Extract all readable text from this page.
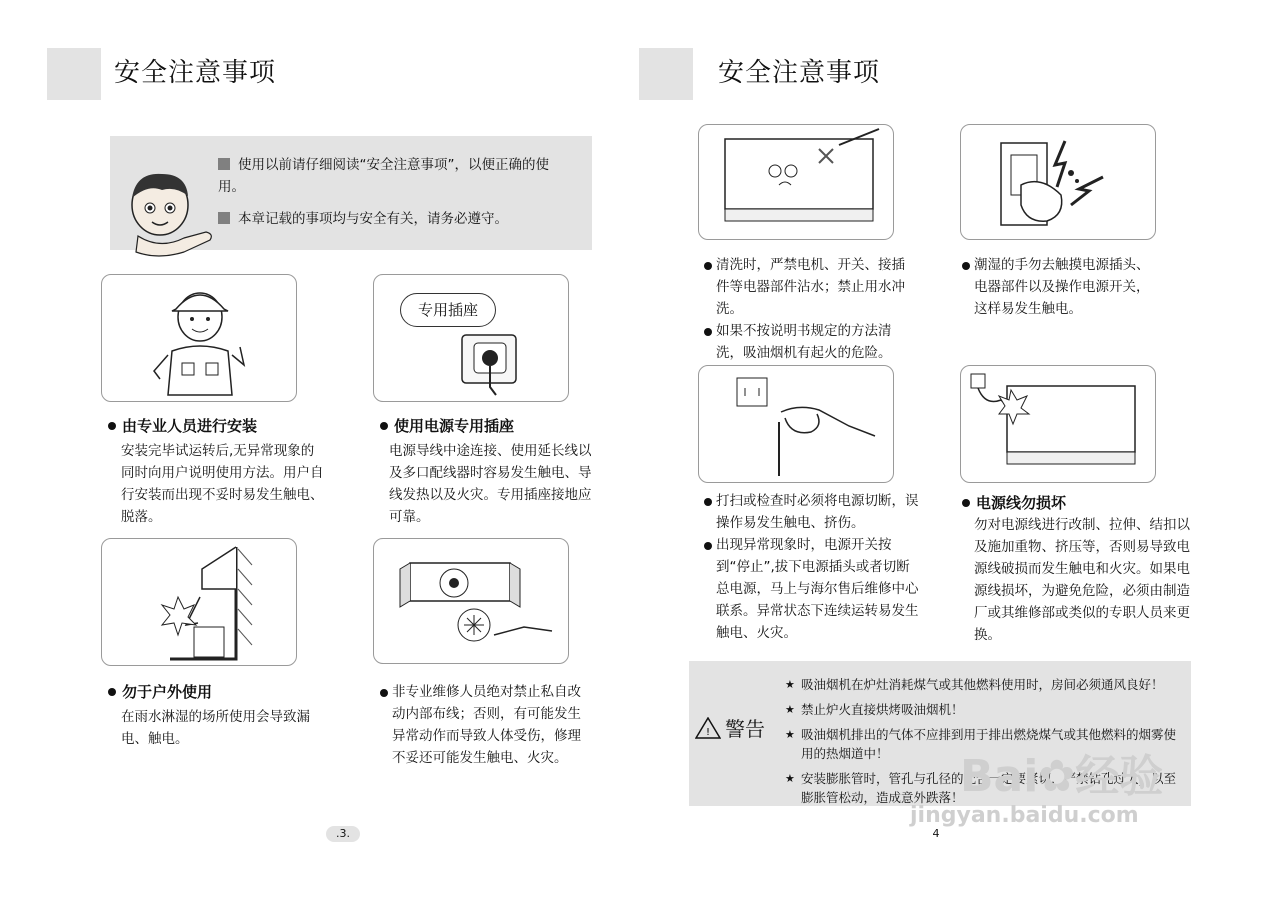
安全注意事项
使用以前请仔细阅读“安全注意事项”，以便正确的使用。
本章记载的事项均与安全有关，请务必遵守。
由专业人员进行安装
安装完毕试运转后,无异常现象的同时向用户说明使用方法。用户自行安装而出现不妥时易发生触电、脱落。
专用插座
使用电源专用插座
电源导线中途连接、使用延长线以及多口配线器时容易发生触电、导线发热以及火灾。专用插座接地应可靠。
勿于户外使用
在雨水淋湿的场所使用会导致漏电、触电。
非专业维修人员绝对禁止私自改动内部布线；否则，有可能发生异常动作而导致人体受伤，修理不妥还可能发生触电、火灾。
.3.
安全注意事项
清洗时，严禁电机、开关、接插件等电器部件沾水；禁止用水冲洗。
如果不按说明书规定的方法清洗，吸油烟机有起火的危险。
潮湿的手勿去触摸电源插头、电器部件以及操作电源开关，这样易发生触电。
打扫或检查时必须将电源切断，误操作易发生触电、挤伤。
出现异常现象时，电源开关按到“停止”,拔下电源插头或者切断总电源，马上与海尔售后维修中心联系。异常状态下连续运转易发生触电、火灾。
电源线勿损坏
勿对电源线进行改制、拉伸、结扣以及施加重物、挤压等，否则易导致电源线破损而发生触电和火灾。如果电源线损坏，为避免危险，必须由制造厂或其维修部或类似的专职人员来更换。
! 警告
★ 吸油烟机在炉灶消耗煤气或其他燃料使用时，房间必须通风良好！
★ 禁止炉火直接烘烤吸油烟机！
★ 吸油烟机排出的气体不应排到用于排出燃烧煤气或其他燃料的烟雾使用的热烟道中！
★ 安装膨胀管时，管孔与孔径的配合一定要紧切，严禁钻孔过大，以至膨胀管松动，造成意外跌落！
4
Bai✿经验
jingyan.baidu.com
